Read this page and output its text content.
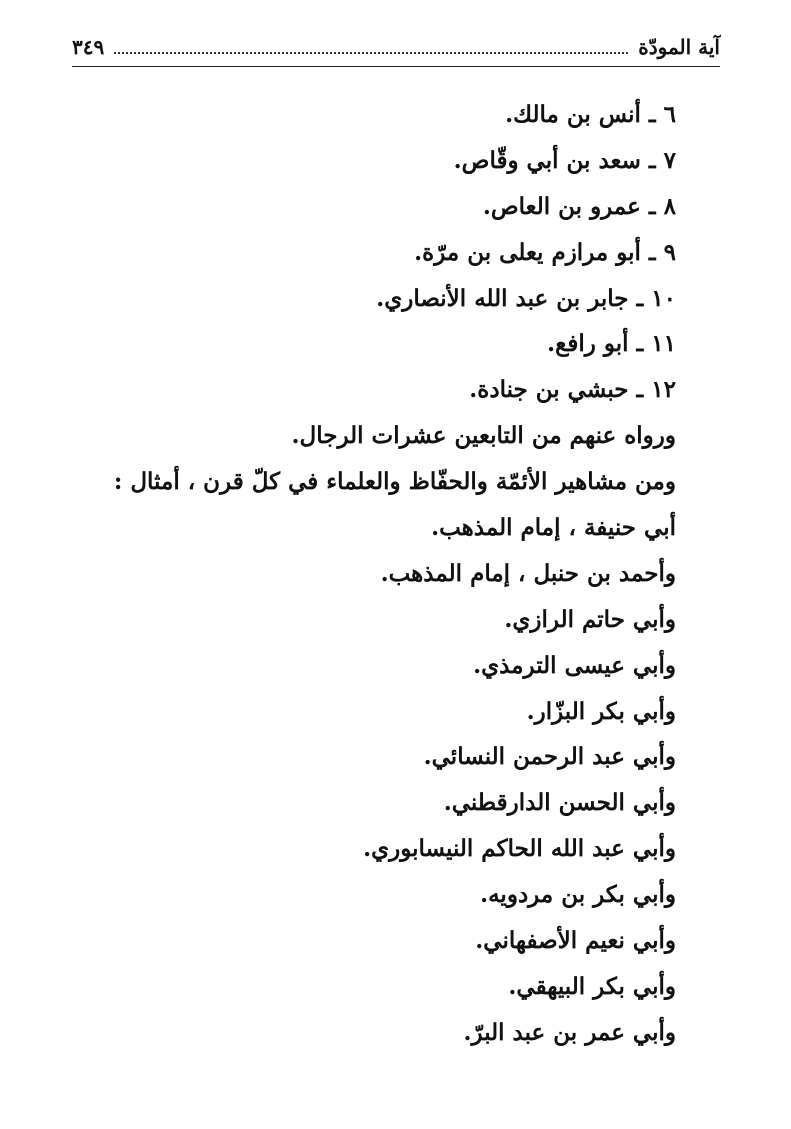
آية المودّة
٣٤٩
٦ ـ أنس بن مالك.
٧ ـ سعد بن أبي وقّاص.
٨ ـ عمرو بن العاص.
٩ ـ أبو مرازم يعلى بن مرّة.
١٠ ـ جابر بن عبد الله الأنصاري.
١١ ـ أبو رافع.
١٢ ـ حبشي بن جنادة.
ورواه عنهم من التابعين عشرات الرجال.
ومن مشاهير الأئمّة والحفّاظ والعلماء في كلّ قرن ، أمثال :
أبي حنيفة ، إمام المذهب.
وأحمد بن حنبل ، إمام المذهب.
وأبي حاتم الرازي.
وأبي عيسى الترمذي.
وأبي بكر البزّار.
وأبي عبد الرحمن النسائي.
وأبي الحسن الدارقطني.
وأبي عبد الله الحاكم النيسابوري.
وأبي بكر بن مردويه.
وأبي نعيم الأصفهاني.
وأبي بكر البيهقي.
وأبي عمر بن عبد البرّ.
